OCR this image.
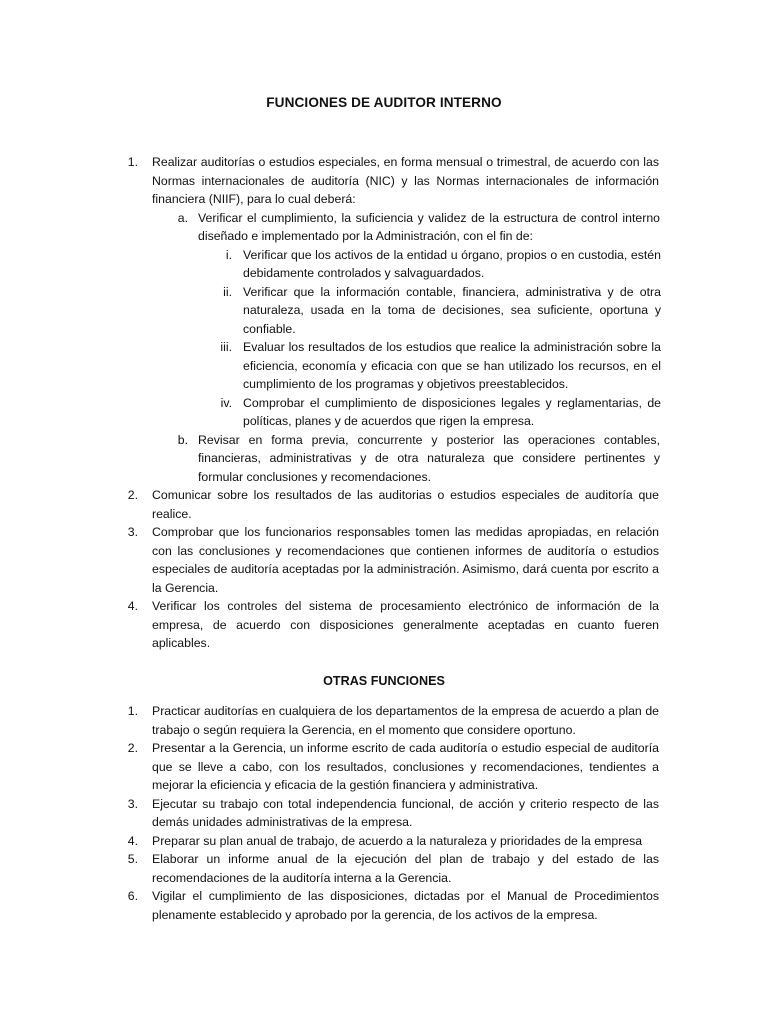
FUNCIONES DE AUDITOR INTERNO
1. Realizar auditorías o estudios especiales, en forma mensual o trimestral, de acuerdo con las Normas internacionales de auditoría (NIC) y las Normas internacionales de información financiera (NIIF), para lo cual deberá:
a. Verificar el cumplimiento, la suficiencia y validez de la estructura de control interno diseñado e implementado por la Administración, con el fin de:
i. Verificar que los activos de la entidad u órgano, propios o en custodia, estén debidamente controlados y salvaguardados.
ii. Verificar que la información contable, financiera, administrativa y de otra naturaleza, usada en la toma de decisiones, sea suficiente, oportuna y confiable.
iii. Evaluar los resultados de los estudios que realice la administración sobre la eficiencia, economía y eficacia con que se han utilizado los recursos, en el cumplimiento de los programas y objetivos preestablecidos.
iv. Comprobar el cumplimiento de disposiciones legales y reglamentarias, de políticas, planes y de acuerdos que rigen la empresa.
b. Revisar en forma previa, concurrente y posterior las operaciones contables, financieras, administrativas y de otra naturaleza que considere pertinentes y formular conclusiones y recomendaciones.
2. Comunicar sobre los resultados de las auditorias o estudios especiales de auditoría que realice.
3. Comprobar que los funcionarios responsables tomen las medidas apropiadas, en relación con las conclusiones y recomendaciones que contienen informes de auditoría o estudios especiales de auditoría aceptadas por la administración. Asimismo, dará cuenta por escrito a la Gerencia.
4. Verificar los controles del sistema de procesamiento electrónico de información de la empresa, de acuerdo con disposiciones generalmente aceptadas en cuanto fueren aplicables.
OTRAS FUNCIONES
1. Practicar auditorías en cualquiera de los departamentos de la empresa de acuerdo a plan de trabajo o según requiera la Gerencia, en el momento que considere oportuno.
2. Presentar a la Gerencia, un informe escrito de cada auditoría o estudio especial de auditoría que se lleve a cabo, con los resultados, conclusiones y recomendaciones, tendientes a mejorar la eficiencia y eficacia de la gestión financiera y administrativa.
3. Ejecutar su trabajo con total independencia funcional, de acción y criterio respecto de las demás unidades administrativas de la empresa.
4. Preparar su plan anual de trabajo, de acuerdo a la naturaleza y prioridades de la empresa
5. Elaborar un informe anual de la ejecución del plan de trabajo y del estado de las recomendaciones de la auditoría interna a la Gerencia.
6. Vigilar el cumplimiento de las disposiciones, dictadas por el Manual de Procedimientos plenamente establecido y aprobado por la gerencia, de los activos de la empresa.
